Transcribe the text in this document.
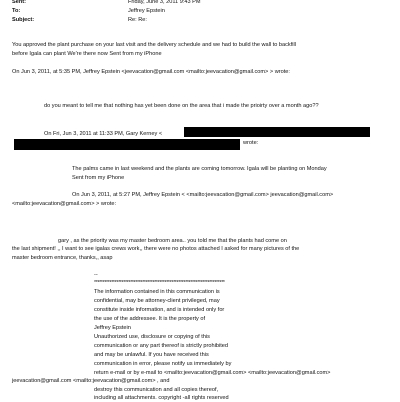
Sent:	Friday, June 3, 2011 9:43 PM
To:	Jeffrey Epstein
Subject:	Re: Re:
You approved the plant purchase on your last visit and the delivery schedule and we had to build the wall to backfill
before Igala can plant We're there now Sent from my iPhone
On Jun 3, 2011, at 5:35 PM, Jeffrey Epstein <jeevacation@gmail.com <mailto:jeevacation@gmail.com> > wrote:
do you meant to tell me that nothing has yet been done on the area that i made the prioirty over a month ago??
On Fri, Jun 3, 2011 at 11:33 PM, Gary Kerney <
wrote:
The palms came in last weekend and the plants are coming tomorrow. Igala will be planting on Monday
Sent from my iPhone
On Jun 3, 2011, at 5:27 PM, Jeffrey Epstein < <mailto:jeevacation@gmail.com> jeevacation@gmail.com>
<mailto:jeevacation@gmail.com> > wrote:
gary , as the priority was my master bedroom area.. you told me that the plants had come on
the last shipment! ,, I want to see igalas crews work,, there were no photos attached I asked for many pictures of the
master bedroom entrance, thanks,, asap
--
****************************************************************************
The information contained in this communication is
confidential, may be attorney-client privileged, may
constitute inside information, and is intended only for
the use of the addressee. It is the property of
Jeffrey Epstein
Unauthorized use, disclosure or copying of this
communication or any part thereof is strictly prohibited
and may be unlawful. If you have received this
communication in error, please notify us immediately by
return e-mail or by e-mail to <mailto:jeevacation@gmail.com> <mailto:jeevacation@gmail.com>
jeevacation@gmail.com <mailto:jeevacation@gmail.com> , and
destroy this communication and all copies thereof,
including all attachments. copyright -all rights reserved
